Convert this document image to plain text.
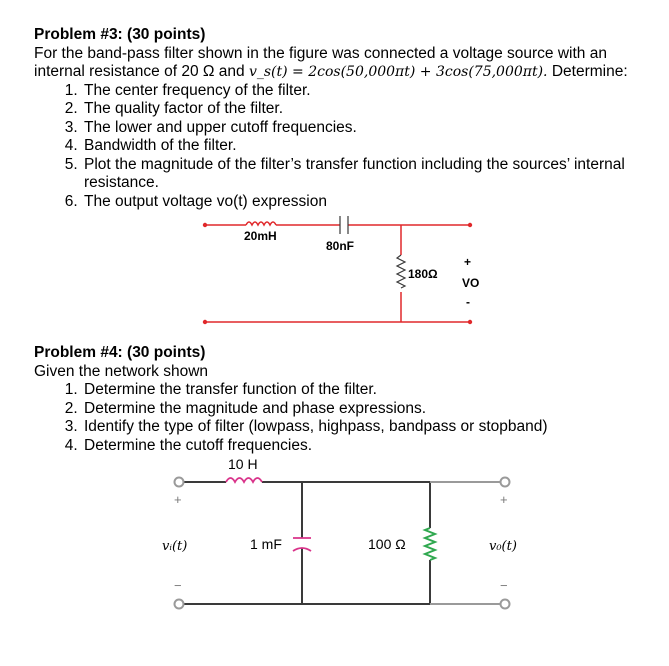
Problem #3: (30 points)
For the band-pass filter shown in the figure was connected a voltage source with an internal resistance of 20 Ω and v_s(t) = 2cos(50,000πt) + 3cos(75,000πt). Determine:
1. The center frequency of the filter.
2. The quality factor of the filter.
3. The lower and upper cutoff frequencies.
4. Bandwidth of the filter.
5. Plot the magnitude of the filter’s transfer function including the sources’ internal resistance.
6. The output voltage vo(t) expression
20mH
80nF
180Ω
+
VO
-
Problem #4: (30 points)
Given the network shown
1. Determine the transfer function of the filter.
2. Determine the magnitude and phase expressions.
3. Identify the type of filter (lowpass, highpass, bandpass or stopband)
4. Determine the cutoff frequencies.
10 H
1 mF	100 Ω
vᵢ(t)	v₀(t)
+
−
+
−
